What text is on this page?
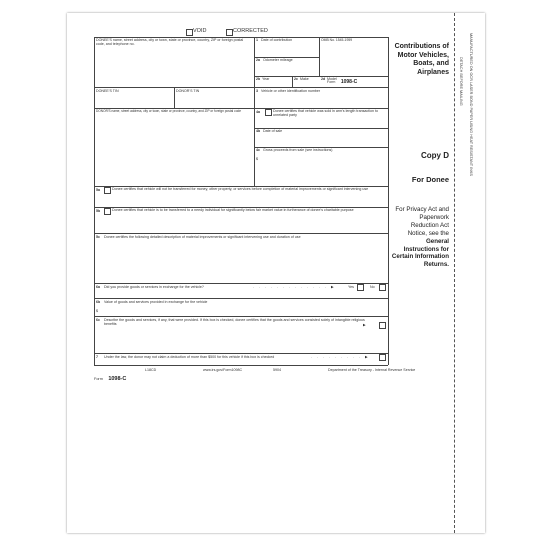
VOID	CORRECTED
DONEE'S name, street address, city or town, state or province, country, ZIP or foreign postal code, and telephone no.
1 Date of contribution	OMB No. 1545-1959
2a Odometer mileage
Form 1098-C
2b Year	2c Make	2d Model
DONEE'S TIN	DONOR'S TIN	3 Vehicle or other identification number
DONOR'S name, street address, city or town, state or province, country, and ZIP or foreign postal code	4a	Donee certifies that vehicle was sold in arm's length transaction to unrelated party
4b Date of sale
4c Gross proceeds from sale (see instructions)
$
5a	Donee certifies that vehicle will not be transferred for money, other property, or services before completion of material improvements or significant intervening use
5b	Donee certifies that vehicle is to be transferred to a needy individual for significantly below fair market value in furtherance of donee's charitable purpose
5c Donee certifies the following detailed description of material improvements or significant intervening use and duration of use
6a Did you provide goods or services in exchange for the vehicle?	. . . . . . . . . . . . . ▶	Yes	No
6b Value of goods and services provided in exchange for the vehicle
$
6c Describe the goods and services, if any, that were provided. If this box is checked, donee certifies that the goods and services consisted solely of intangible religious benefits	▶
7 Under the law, the donor may not claim a deduction of more than $500 for this vehicle if this box is checked	. . . . . . . . . ▶
Contributions of Motor Vehicles, Boats, and Airplanes
Copy D
For Donee
For Privacy Act and Paperwork Reduction Act Notice, see the General Instructions for Certain Information Returns.
Form 1098-C
L18CD	www.irs.gov/Form1098C	5904	Department of the Treasury - Internal Revenue Service
DETACH BEFORE MAILING MANUFACTURED ON OCR LASER BOND PAPER USING HEAT RESISTANT INKS
